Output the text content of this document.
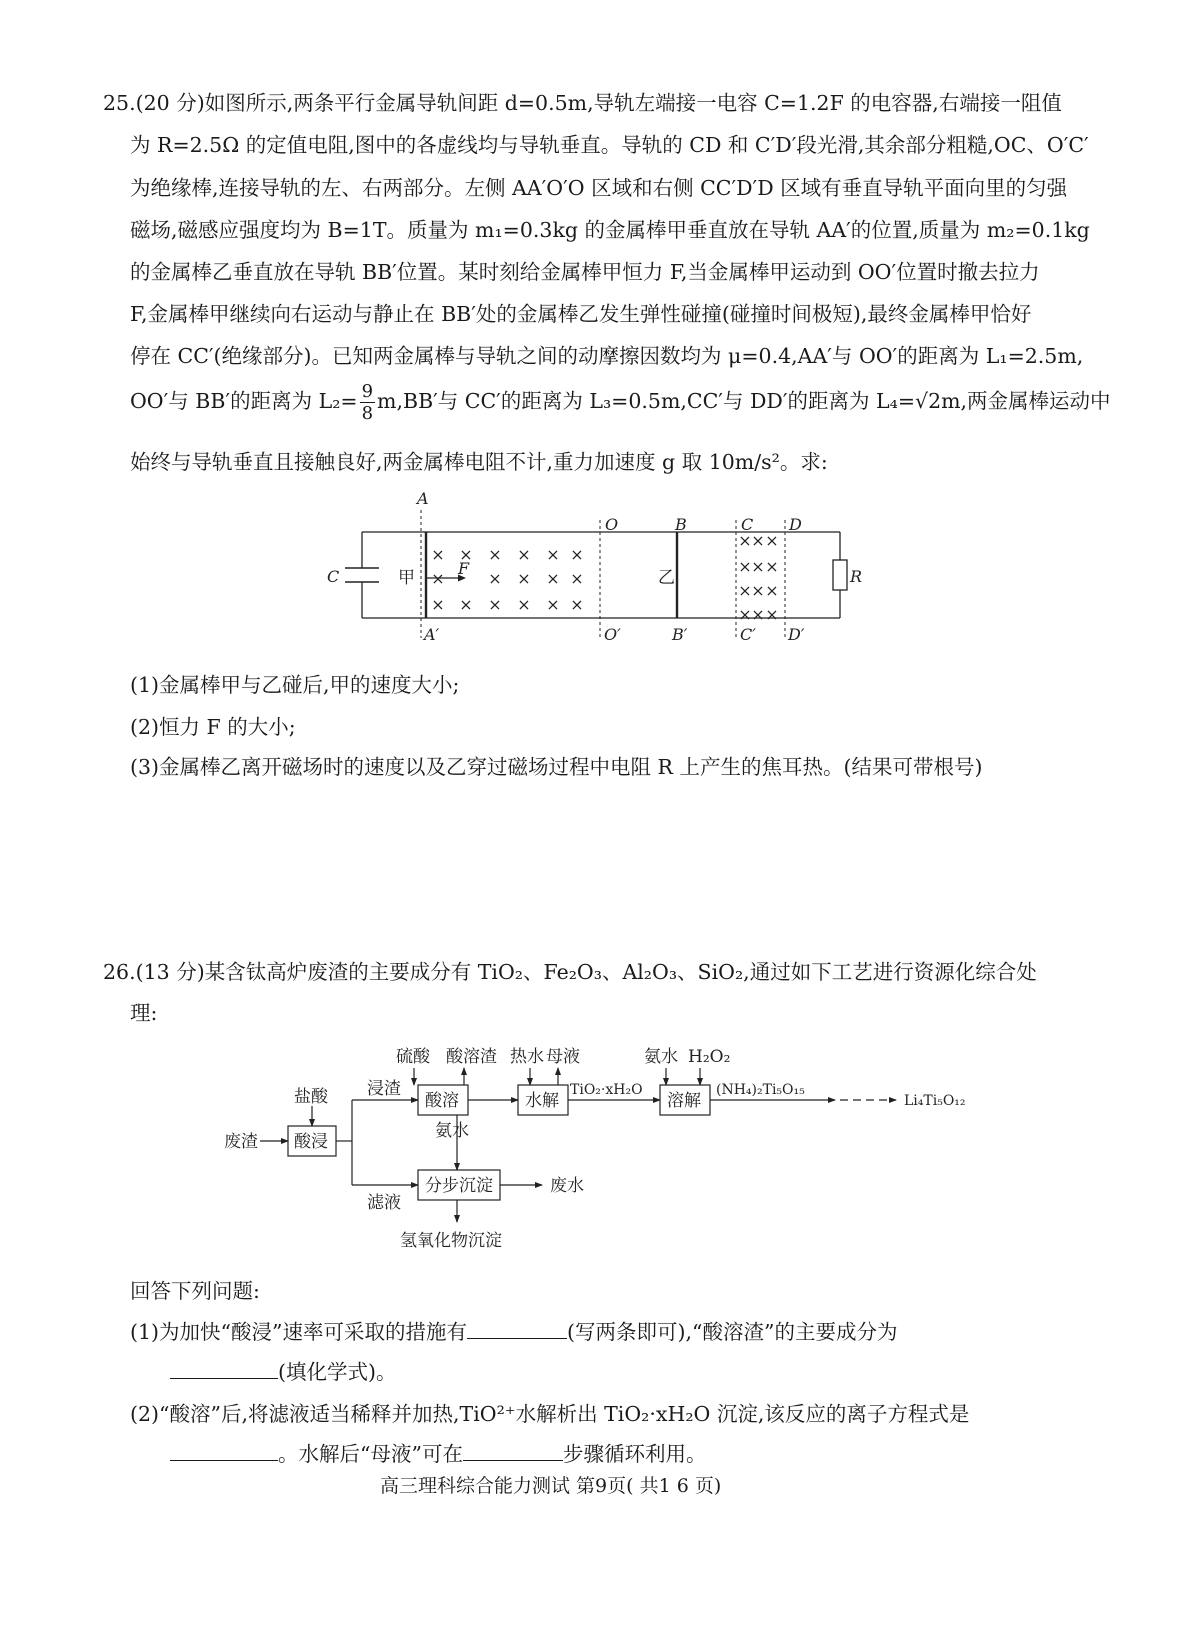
25.(20 分)如图所示,两条平行金属导轨间距 d=0.5m,导轨左端接一电容 C=1.2F 的电容器,右端接一阻值
为 R=2.5Ω 的定值电阻,图中的各虚线均与导轨垂直。导轨的 CD 和 C′D′段光滑,其余部分粗糙,OC、O′C′
为绝缘棒,连接导轨的左、右两部分。左侧 AA′O′O 区域和右侧 CC′D′D 区域有垂直导轨平面向里的匀强
磁场,磁感应强度均为 B=1T。质量为 m₁=0.3kg 的金属棒甲垂直放在导轨 AA′的位置,质量为 m₂=0.1kg
的金属棒乙垂直放在导轨 BB′位置。某时刻给金属棒甲恒力 F,当金属棒甲运动到 OO′位置时撤去拉力
F,金属棒甲继续向右运动与静止在 BB′处的金属棒乙发生弹性碰撞(碰撞时间极短),最终金属棒甲恰好
停在 CC′(绝缘部分)。已知两金属棒与导轨之间的动摩擦因数均为 μ=0.4,AA′与 OO′的距离为 L₁=2.5m,
OO′与 BB′的距离为 $L_2= \frac{9}{8} m,BB'$与 CC′的距离为 L₃=0.5m,CC′与 DD′的距离为 L₄=√2m,两金属棒运动中
始终与导轨垂直且接触良好,两金属棒电阻不计,重力加速度 g 取 10m/s²。求:
A
A′
O
O′
B
B′
C
C′
D
D′
C	R
F
甲	乙
× × × × × ×
×	× × × ×
× × × × × ×
× × ×
× × ×
× × ×
× × ×
(1)金属棒甲与乙碰后,甲的速度大小;
(2)恒力 F 的大小;
(3)金属棒乙离开磁场时的速度以及乙穿过磁场过程中电阻 R 上产生的焦耳热。(结果可带根号)
26.(13 分)某含钛高炉废渣的主要成分有 TiO₂、Fe₂O₃、Al₂O₃、SiO₂,通过如下工艺进行资源化综合处
理:
废渣
盐酸
酸浸
浸渣
滤液
硫酸 酸溶渣 热水 母液
酸溶
氨水
水解
氨水 H₂O₂
溶解
分步沉淀	废水
氢氧化物沉淀
TiO₂·xH₂O	(NH₄)₂Ti₅O₁₅
Li₄Ti₅O₁₂
回答下列问题:
(1)为加快“酸浸”速率可采取的措施有	(写两条即可),“酸溶渣”的主要成分为
(填化学式)。
(2)“酸溶”后,将滤液适当稀释并加热,TiO²⁺水解析出 TiO₂·xH₂O 沉淀,该反应的离子方程式是
。水解后“母液”可在	步骤循环利用。
高三理科综合能力测试 第9页( 共1 6 页)
